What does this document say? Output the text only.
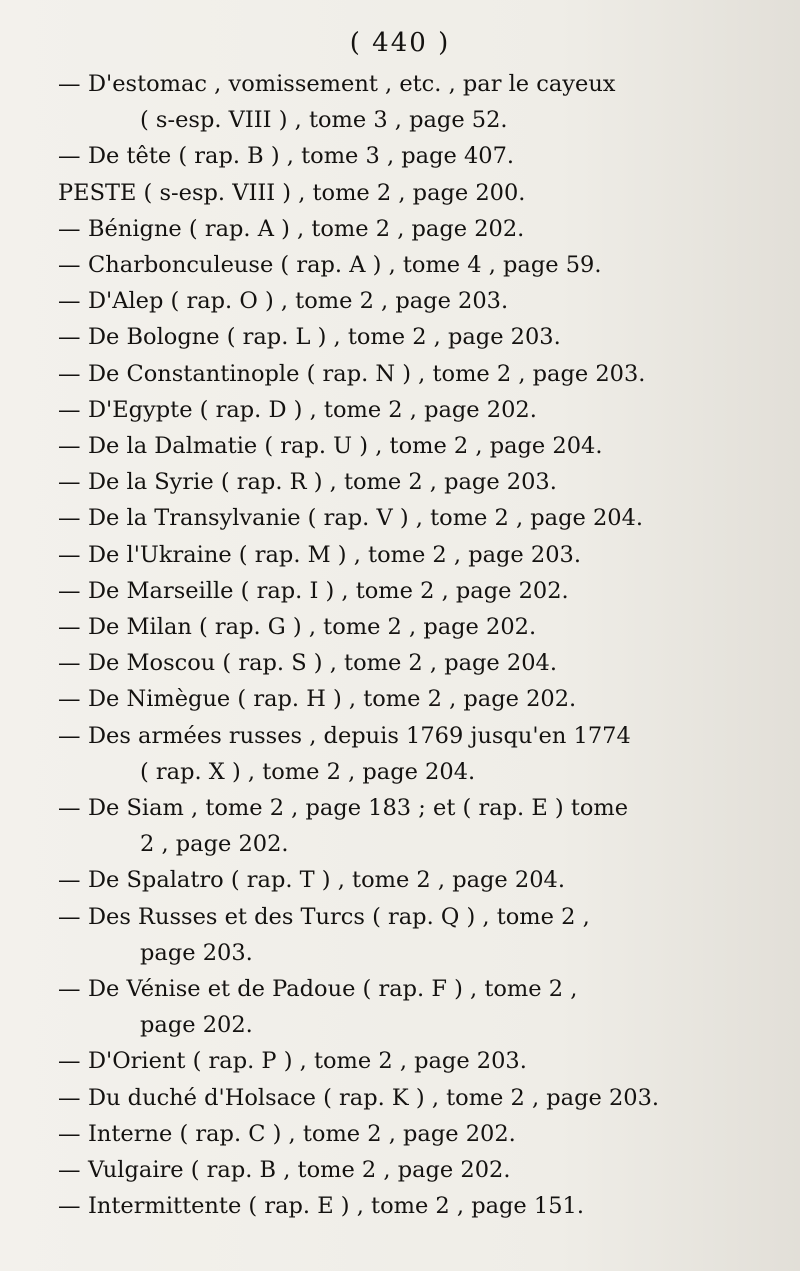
( 440 )
— D'estomac , vomissement , etc. , par le cayeux
( s-esp. VIII ) , tome 3 , page 52.
— De tête ( rap. B ) , tome 3 , page 407.
PESTE ( s-esp. VIII ) , tome 2 , page 200.
— Bénigne ( rap. A ) , tome 2 , page 202.
— Charbonculeuse ( rap. A ) , tome 4 , page 59.
— D'Alep ( rap. O ) , tome 2 , page 203.
— De Bologne ( rap. L ) , tome 2 , page 203.
— De Constantinople ( rap. N ) , tome 2 , page 203.
— D'Egypte ( rap. D ) , tome 2 , page 202.
— De la Dalmatie ( rap. U ) , tome 2 , page 204.
— De la Syrie ( rap. R ) , tome 2 , page 203.
— De la Transylvanie ( rap. V ) , tome 2 , page 204.
— De l'Ukraine ( rap. M ) , tome 2 , page 203.
— De Marseille ( rap. I ) , tome 2 , page 202.
— De Milan ( rap. G ) , tome 2 , page 202.
— De Moscou ( rap. S ) , tome 2 , page 204.
— De Nimègue ( rap. H ) , tome 2 , page 202.
— Des armées russes , depuis 1769 jusqu'en 1774
( rap. X ) , tome 2 , page 204.
— De Siam , tome 2 , page 183 ; et ( rap. E ) tome
2 , page 202.
— De Spalatro ( rap. T ) , tome 2 , page 204.
— Des Russes et des Turcs ( rap. Q ) , tome 2 ,
page 203.
— De Vénise et de Padoue ( rap. F ) , tome 2 ,
page 202.
— D'Orient ( rap. P ) , tome 2 , page 203.
— Du duché d'Holsace ( rap. K ) , tome 2 , page 203.
— Interne ( rap. C ) , tome 2 , page 202.
— Vulgaire ( rap. B , tome 2 , page 202.
— Intermittente ( rap. E ) , tome 2 , page 151.
